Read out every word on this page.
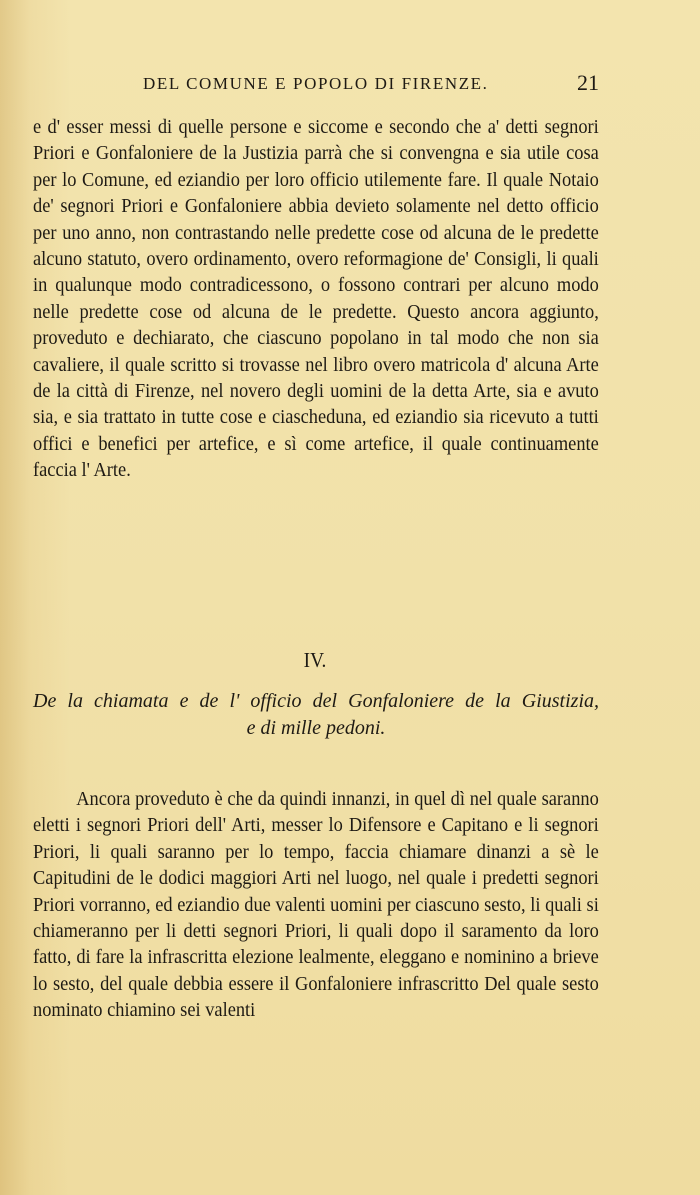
DEL COMUNE E POPOLO DI FIRENZE.	21

e d' esser messi di quelle persone e siccome e secondo che a' detti segnori Priori e Gonfaloniere de la Justizia parrà che si convengna e sia utile cosa per lo Comune, ed eziandio per loro officio utilemente fare. Il quale Notaio de' segnori Priori e Gonfaloniere abbia devieto solamente nel detto officio per uno anno, non contrastando nelle predette cose od alcuna de le predette alcuno statuto, overo ordinamento, overo reformagione de' Consigli, li quali in qualunque modo contradicessono, o fossono contrari per alcuno modo nelle predette cose od alcuna de le predette. Questo ancora aggiunto, proveduto e dechiarato, che ciascuno popolano in tal modo che non sia cavaliere, il quale scritto si trovasse nel libro overo matricola d' alcuna Arte de la città di Firenze, nel novero degli uomini de la detta Arte, sia e avuto sia, e sia trattato in tutte cose e ciascheduna, ed eziandio sia ricevuto a tutti offici e benefici per artefice, e sì come artefice, il quale continuamente faccia l' Arte.

IV.
De la chiamata e de l' officio del Gonfaloniere de la Giustizia,
e di mille pedoni.

Ancora proveduto è che da quindi innanzi, in quel dì nel quale saranno eletti i segnori Priori dell' Arti, messer lo Difensore e Capitano e li segnori Priori, li quali saranno per lo tempo, faccia chiamare dinanzi a sè le Capitudini de le dodici maggiori Arti nel luogo, nel quale i predetti segnori Priori vorranno, ed eziandio due valenti uomini per ciascuno sesto, li quali si chiameranno per li detti segnori Priori, li quali dopo il saramento da loro fatto, di fare la infrascritta elezione lealmente, eleggano e nominino a brieve lo sesto, del quale debbia essere il Gonfaloniere infrascritto Del quale sesto nominato chiamino sei valenti
